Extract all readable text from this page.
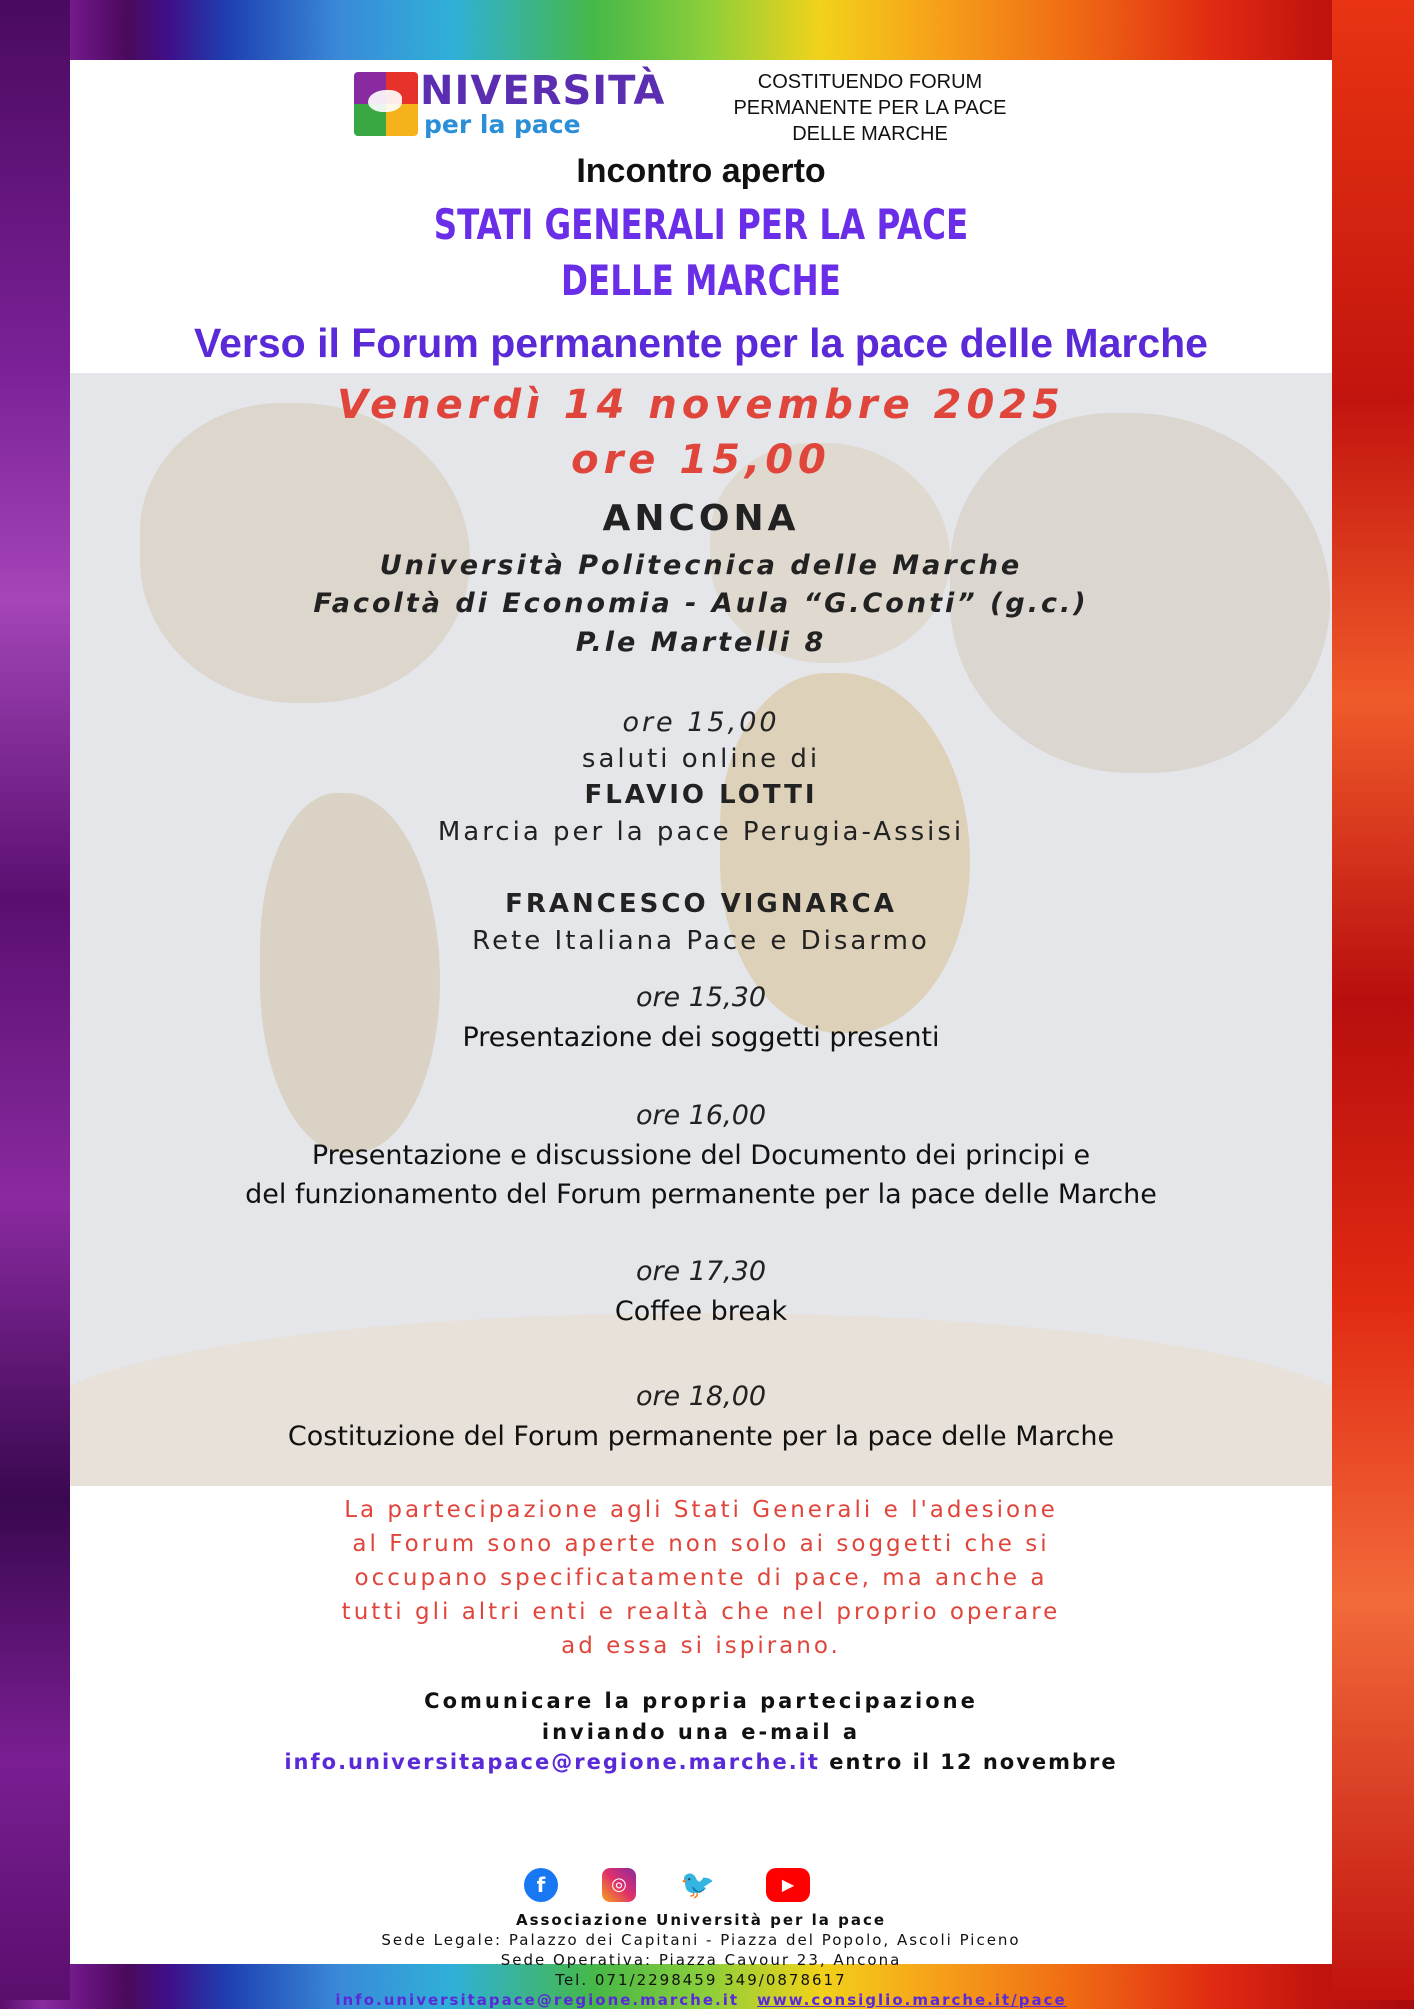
NIVERSITÀ
per la pace

COSTITUENDO FORUM

PERMANENTE PER LA PACE

DELLE MARCHE

Incontro aperto

STATI GENERALI PER LA PACE

DELLE MARCHE

Verso il Forum permanente per la pace delle Marche

Venerdì 14 novembre 2025

ore 15,00

ANCONA

Università Politecnica delle Marche

Facoltà di Economia - Aula “G.Conti” (g.c.)

P.le Martelli 8

ore 15,00

saluti online di

FLAVIO LOTTI

Marcia per la pace Perugia-Assisi

FRANCESCO VIGNARCA

Rete Italiana Pace e Disarmo

ore 15,30

Presentazione dei soggetti presenti

ore 16,00

Presentazione e discussione del Documento dei principi e

del funzionamento del Forum permanente per la pace delle Marche

ore 17,30

Coffee break

ore 18,00

Costituzione del Forum permanente per la pace delle Marche

La partecipazione agli Stati Generali e l'adesione

al Forum sono aperte non solo ai soggetti che si

occupano specificatamente di pace, ma anche a

tutti gli altri enti e realtà che nel proprio operare

ad essa si ispirano.

Comunicare la propria partecipazione

inviando una e-mail a

info.universitapace@regione.marche.it entro il 12 novembre

f	◎	🐦	▶

Associazione Università per la pace

Sede Legale: Palazzo dei Capitani - Piazza del Popolo, Ascoli Piceno

Sede Operativa: Piazza Cavour 23, Ancona

Tel. 071/2298459 349/0878617

info.universitapace@regione.marche.it www.consiglio.marche.it/pace
